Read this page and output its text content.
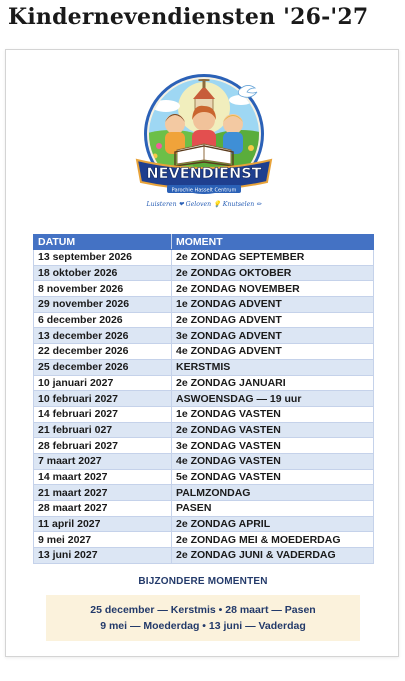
Kindernevendiensten '26-'27
NEVENDIENST
Parochie Hasselt Centrum
Luisteren ❤ Geloven 💡 Knutselen ✏
DATUM	MOMENT
13 september 2026	2e ZONDAG SEPTEMBER
18 oktober 2026	2e ZONDAG OKTOBER
8 november 2026	2e ZONDAG NOVEMBER
29 november 2026	1e ZONDAG ADVENT
6 december 2026	2e ZONDAG ADVENT
13 december 2026	3e ZONDAG ADVENT
22 december 2026	4e ZONDAG ADVENT
25 december 2026	KERSTMIS
10 januari 2027	2e ZONDAG JANUARI
10 februari 2027	ASWOENSDAG — 19 uur
14 februari 2027	1e ZONDAG VASTEN
21 februari 027	2e ZONDAG VASTEN
28 februari 2027	3e ZONDAG VASTEN
7 maart 2027	4e ZONDAG VASTEN
14 maart 2027	5e ZONDAG VASTEN
21 maart 2027	PALMZONDAG
28 maart 2027	PASEN
11 april 2027	2e ZONDAG APRIL
9 mei 2027	2e ZONDAG MEI & MOEDERDAG
13 juni 2027	2e ZONDAG JUNI & VADERDAG
BIJZONDERE MOMENTEN
25 december — Kerstmis • 28 maart — Pasen
9 mei — Moederdag • 13 juni — Vaderdag
